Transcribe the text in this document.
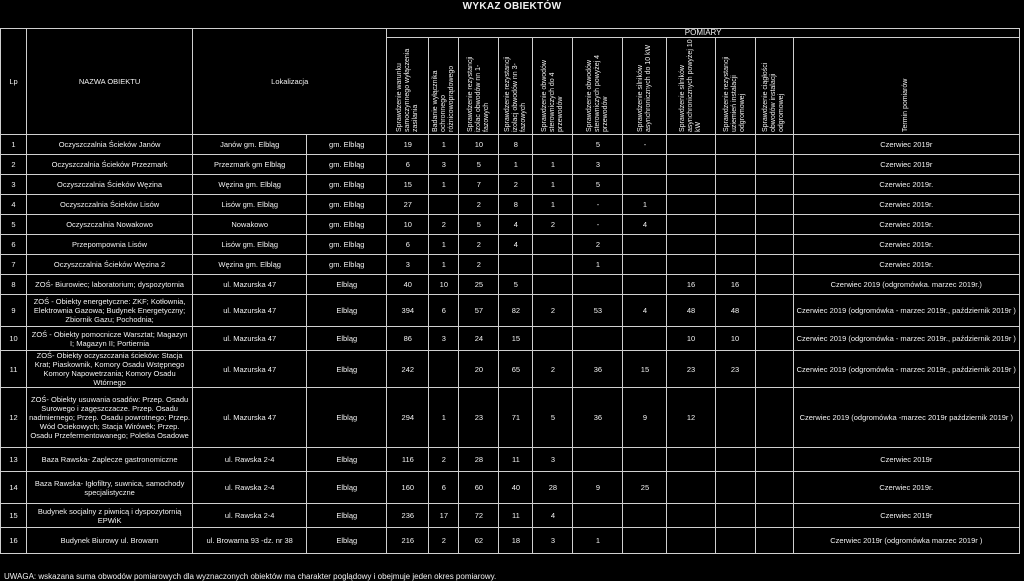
WYKAZ OBIEKTÓW
Lp	NAZWA OBIEKTU	Lokalizacja		POMIARY										

				Sprawdzenie warunku samoczynnego wyłączenia zasilania	Badanie wyłącznika ochronnego różnicowoprądowego	Sprawdzenie rezystancji izolac obwodów nn 1-fazowych	Sprawdzenie rezystancji izolacj obwodów nn 3-fazowych	Sprawdzenie obwodów sterowniczych do 4 przewodów	Sprawdzenie obwodów sterowniczych powyżej 4 przewodów	Sprawdzenie silników asynchronicznych do 10 kW	Sprawdzenie silników asynchronicznych powyżej 10 kW	Sprawdzenie rezystancji uziemień instalacji odgromowej	Sprawdzenie ciągłości obwodów instalacji odgromowej	Termin pomiarów

1	Oczyszczalnia Ścieków Janów	Janów gm. Elbląg	gm. Elbląg	19	1	10	8		5	-				Czerwiec 2019r
2	Oczyszczalnia Ścieków Przezmark	Przezmark gm Elbląg	gm. Elbląg	6	3	5	1	1	3					Czerwiec 2019r
3	Oczyszczalnia Ścieków Węzina	Węzina gm. Elbląg	gm. Elbląg	15	1	7	2	1	5					Czerwiec 2019r.
4	Oczyszczalnia Ścieków Lisów	Lisów gm. Elbląg	gm. Elbląg	27		2	8	1	-	1				Czerwiec 2019r.
5	Oczyszczalnia Nowakowo	Nowakowo	gm. Elbląg	10	2	5	4	2	-	4				Czerwiec 2019r.
6	Przepompownia Lisów	Lisów gm. Elbląg	gm. Elbląg	6	1	2	4		2					Czerwiec 2019r.
7	Oczyszczalnia Ścieków Węzina 2	Węzina gm. Elbląg	gm. Elbląg	3	1	2			1					Czerwiec 2019r.
8	ZOŚ- Biurowiec; laboratorium; dyspozytornia	ul. Mazurska 47	Elbląg	40	10	25	5				16	16		Czerwiec 2019 (odgromówka. marzec 2019r.)
9	ZOŚ - Obiekty energetyczne: ZKF; Kotłownia, Elektrownia Gazowa; Budynek Energetyczny; Zbiornik Gazu; Pochodnia;	ul. Mazurska 47	Elbląg	394	6	57	82	2	53	4	48	48		Czerwiec 2019 (odgromówka - marzec 2019r., październik 2019r )
10	ZOŚ - Obiekty pomocnicze Warsztat; Magazyn I; Magazyn II; Portiernia	ul. Mazurska 47	Elbląg	86	3	24	15				10	10		Czerwiec 2019 (odgromówka - marzec 2019r., październik 2019r )
11	ZOŚ- Obiekty oczyszczania ścieków: Stacja Krat; Piaskownik, Komory Osadu Wstępnego Komory Napowetrzania; Komory Osadu Wtórnego	ul. Mazurska 47	Elbląg	242		20	65	2	36	15	23	23		Czerwiec 2019 (odgromówka - marzec 2019r., październik 2019r )
12	ZOŚ- Obiekty usuwania osadów: Przep. Osadu Surowego i zagęszczacze. Przep. Osadu nadmiernego; Przep. Osadu powrotnego; Przep. Wód Ociekowych; Stacja Wirówek; Przep. Osadu Przefermentowanego; Poletka Osadowe	ul. Mazurska 47	Elbląg	294	1	23	71	5	36	9	12			Czerwiec 2019 (odgromówka -marzec 2019r październik 2019r )
13	Baza Rawska- Zaplecze gastronomiczne	ul. Rawska 2-4	Elbląg	116	2	28	11	3						Czerwiec 2019r
14	Baza Rawska- Igłofiltry, suwnica, samochody specjalistyczne	ul. Rawska 2-4	Elbląg	160	6	60	40	28	9	25				Czerwiec 2019r.
15	Budynek socjalny z piwnicą i dyspozytornią EPWiK	ul. Rawska 2-4	Elbląg	236	17	72	11	4						Czerwiec 2019r
16	Budynek Biurowy ul. Browarn	ul. Browarna 93 -dz. nr 38	Elbląg	216	2	62	18	3	1					Czerwiec 2019r (odgromówka marzec 2019r )
UWAGA: wskazana suma obwodów pomiarowych dla wyznaczonych obiektów ma charakter poglądowy i obejmuje jeden okres pomiarowy.
